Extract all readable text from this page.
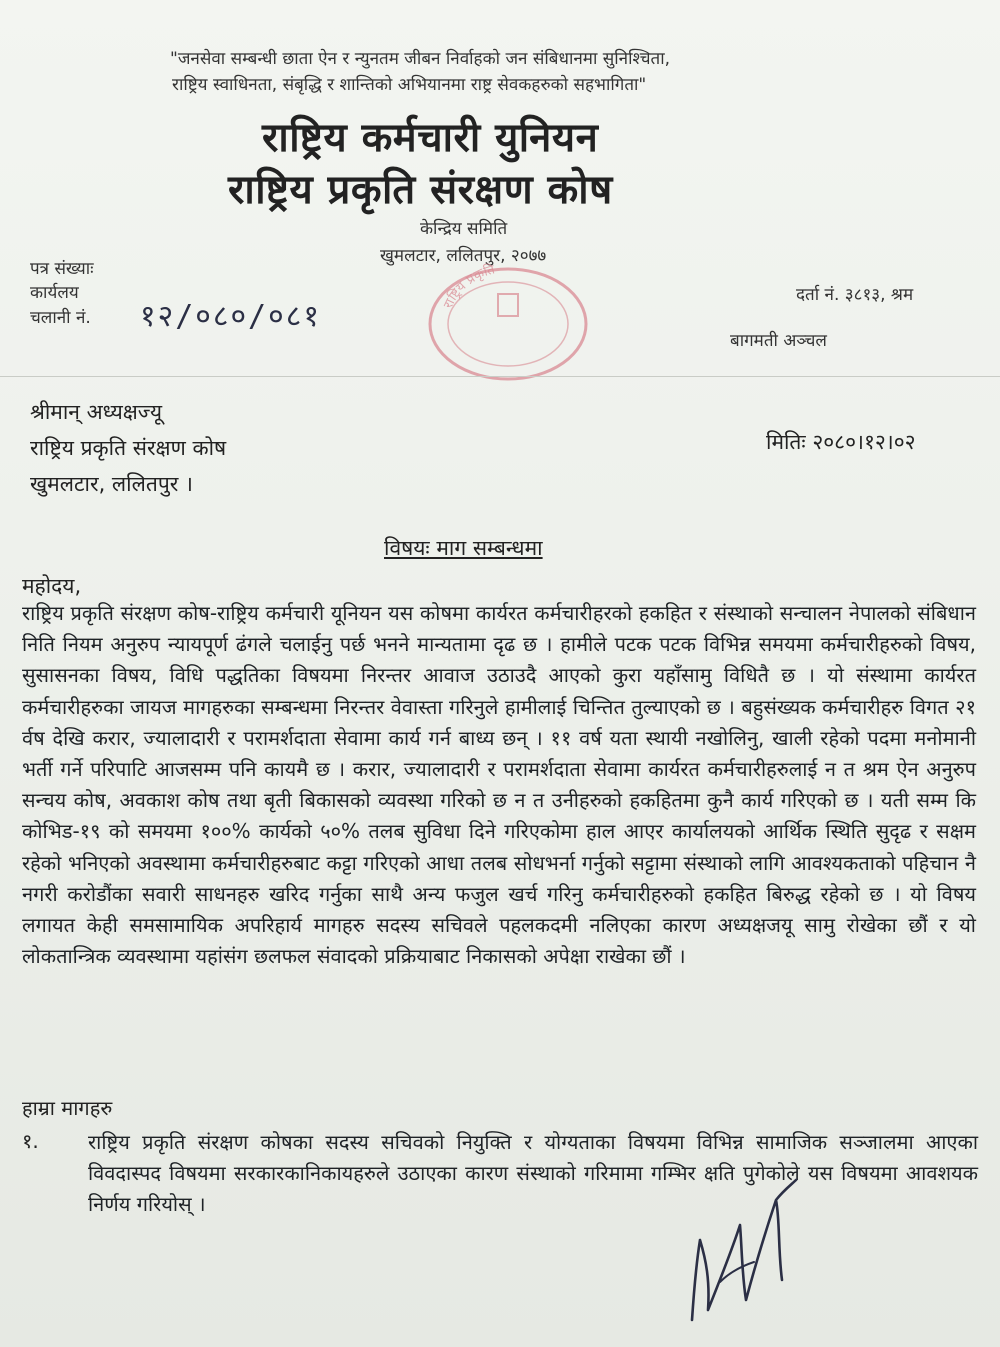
"जनसेवा सम्बन्धी छाता ऐन र न्युनतम जीबन निर्वाहको जन संबिधानमा सुनिश्चिता,
राष्ट्रिय स्वाधिनता, संबृद्धि र शान्तिको अभियानमा राष्ट्र सेवकहरुको सहभागिता"
राष्ट्रिय कर्मचारी युनियन
राष्ट्रिय प्रकृति संरक्षण कोष
केन्द्रिय समिति
खुमलटार, ललितपुर, २०७७
पत्र संख्याः
कार्यलय
चलानी नं. १२/०८०/०८१
दर्ता नं. ३८१३, श्रम
बागमती अञ्चल
राष्ट्रिय प्रकृति
श्रीमान् अध्यक्षज्यू
राष्ट्रिय प्रकृति संरक्षण कोष
खुमलटार, ललितपुर ।
मितिः २०८०।१२।०२
विषयः माग सम्बन्धमा
महोदय,
राष्ट्रिय प्रकृति संरक्षण कोष-राष्ट्रिय कर्मचारी यूनियन यस कोषमा कार्यरत कर्मचारीहरको हकहित र संस्थाको सन्चालन नेपालको संबिधान निति नियम अनुरुप न्यायपूर्ण ढंगले चलाईनु पर्छ भनने मान्यतामा दृढ छ । हामीले पटक पटक विभिन्न समयमा कर्मचारीहरुको विषय, सुसासनका विषय, विधि पद्धतिका विषयमा निरन्तर आवाज उठाउदै आएको कुरा यहाँसामु विधितै छ । यो संस्थामा कार्यरत कर्मचारीहरुका जायज मागहरुका सम्बन्धमा निरन्तर वेवास्ता गरिनुले हामीलाई चिन्तित तुल्याएको छ । बहुसंख्यक कर्मचारीहरु विगत २१ र्वष देखि करार, ज्यालादारी र परामर्शदाता सेवामा कार्य गर्न बाध्य छन् । ११ वर्ष यता स्थायी नखोलिनु, खाली रहेको पदमा मनोमानी भर्ती गर्ने परिपाटि आजसम्म पनि कायमै छ । करार, ज्यालादारी र परामर्शदाता सेवामा कार्यरत कर्मचारीहरुलाई न त श्रम ऐन अनुरुप सन्चय कोष, अवकाश कोष तथा बृती बिकासको व्यवस्था गरिको छ न त उनीहरुको हकहितमा कुनै कार्य गरिएको छ । यती सम्म कि कोभिड-१९ को समयमा १००% कार्यको ५०% तलब सुविधा दिने गरिएकोमा हाल आएर कार्यालयको आर्थिक स्थिति सुदृढ र सक्षम रहेको भनिएको अवस्थामा कर्मचारीहरुबाट कट्टा गरिएको आधा तलब सोधभर्ना गर्नुको सट्टामा संस्थाको लागि आवश्यकताको पहिचान नै नगरी करोडौंका सवारी साधनहरु खरिद गर्नुका साथै अन्य फजुल खर्च गरिनु कर्मचारीहरुको हकहित बिरुद्ध रहेको छ । यो विषय लगायत केही समसामायिक अपरिहार्य मागहरु सदस्य सचिवले पहलकदमी नलिएका कारण अध्यक्षजयू सामु रोखेका छौं र यो लोकतान्त्रिक व्यवस्थामा यहांसंग छलफल संवादको प्रक्रियाबाट निकासको अपेक्षा राखेका छौं ।
हाम्रा मागहरु
१. राष्ट्रिय प्रकृति संरक्षण कोषका सदस्य सचिवको नियुक्ति र योग्यताका विषयमा विभिन्न सामाजिक सञ्जालमा आएका विवदास्पद विषयमा सरकारकानिकायहरुले उठाएका कारण संस्थाको गरिमामा गम्भिर क्षति पुगेकोले यस विषयमा आवशयक निर्णय गरियोस् ।
